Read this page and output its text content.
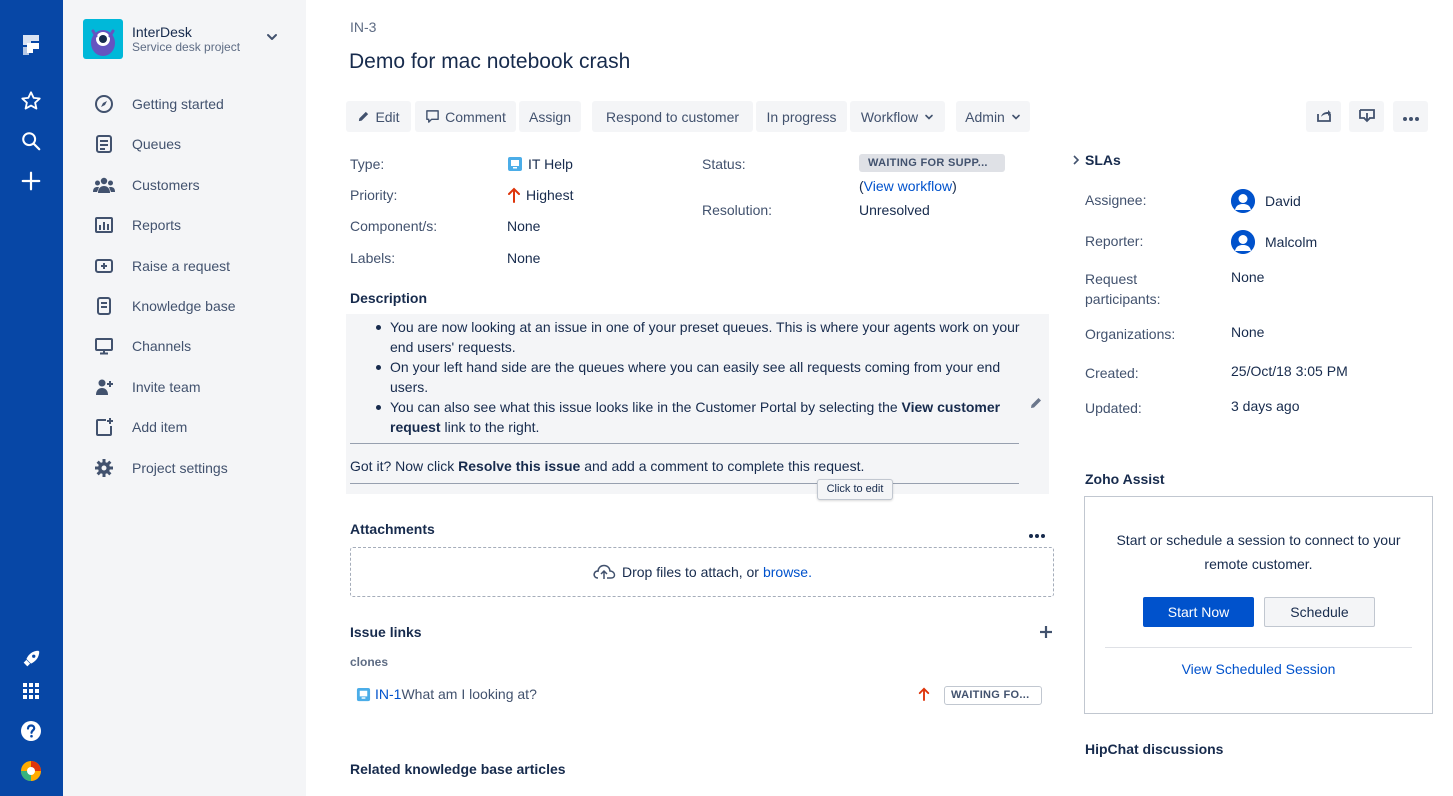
InterDesk
Service desk project
Getting started
Queues
Customers
Reports
Raise a request
Knowledge base
Channels
Invite team
Add item
Project settings
IN-3
Demo for mac notebook crash
Edit	Comment Assign Respond to customer In progress Workflow	Admin
Type:	IT Help
Priority:	Highest
Component/s:	None
Labels:	None
Status:	WAITING FOR SUPP...
( View workflow )
Resolution:	Unresolved
Description
You are now looking at an issue in one of your preset queues. This is where your agents work on your end users' requests.
On your left hand side are the queues where you can easily see all requests coming from your end users.
You can also see what this issue looks like in the Customer Portal by selecting the View customer request link to the right.
Got it? Now click Resolve this issue and add a comment to complete this request.
Click to edit
Attachments
Drop files to attach, or browse.
Issue links
clones
IN-1 What am I looking at?	WAITING FO...
Related knowledge base articles
SLAs
Assignee:	David
Reporter:	Malcolm
Request participants:
None
Organizations:	None
Created:	25/Oct/18 3:05 PM
Updated:	3 days ago
Zoho Assist
Start or schedule a session to connect to your remote customer.
Start Now	Schedule
View Scheduled Session
HipChat discussions
